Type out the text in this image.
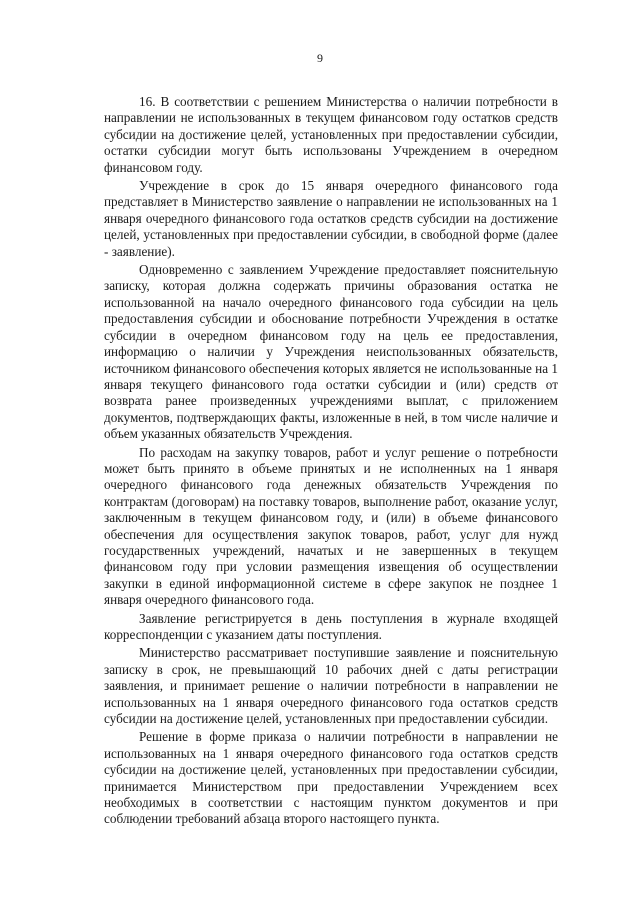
9

16. В соответствии с решением Министерства о наличии потребности в направлении не использованных в текущем финансовом году остатков средств субсидии на достижение целей, установленных при предоставлении субсидии, остатки субсидии могут быть использованы Учреждением в очередном финансовом году.

Учреждение в срок до 15 января очередного финансового года представляет в Министерство заявление о направлении не использованных на 1 января очередного финансового года остатков средств субсидии на достижение целей, установленных при предоставлении субсидии, в свободной форме (далее - заявление).

Одновременно с заявлением Учреждение предоставляет пояснительную записку, которая должна содержать причины образования остатка не использованной на начало очередного финансового года субсидии на цель предоставления субсидии и обоснование потребности Учреждения в остатке субсидии в очередном финансовом году на цель ее предоставления, информацию о наличии у Учреждения неиспользованных обязательств, источником финансового обеспечения которых является не использованные на 1 января текущего финансового года остатки субсидии и (или) средств от возврата ранее произведенных учреждениями выплат, с приложением документов, подтверждающих факты, изложенные в ней, в том числе наличие и объем указанных обязательств Учреждения.

По расходам на закупку товаров, работ и услуг решение о потребности может быть принято в объеме принятых и не исполненных на 1 января очередного финансового года денежных обязательств Учреждения по контрактам (договорам) на поставку товаров, выполнение работ, оказание услуг, заключенным в текущем финансовом году, и (или) в объеме финансового обеспечения для осуществления закупок товаров, работ, услуг для нужд государственных учреждений, начатых и не завершенных в текущем финансовом году при условии размещения извещения об осуществлении закупки в единой информационной системе в сфере закупок не позднее 1 января очередного финансового года.

Заявление регистрируется в день поступления в журнале входящей корреспонденции с указанием даты поступления.

Министерство рассматривает поступившие заявление и пояснительную записку в срок, не превышающий 10 рабочих дней с даты регистрации заявления, и принимает решение о наличии потребности в направлении не использованных на 1 января очередного финансового года остатков средств субсидии на достижение целей, установленных при предоставлении субсидии.

Решение в форме приказа о наличии потребности в направлении не использованных на 1 января очередного финансового года остатков средств субсидии на достижение целей, установленных при предоставлении субсидии, принимается Министерством при предоставлении Учреждением всех необходимых в соответствии с настоящим пунктом документов и при соблюдении требований абзаца второго настоящего пункта.
